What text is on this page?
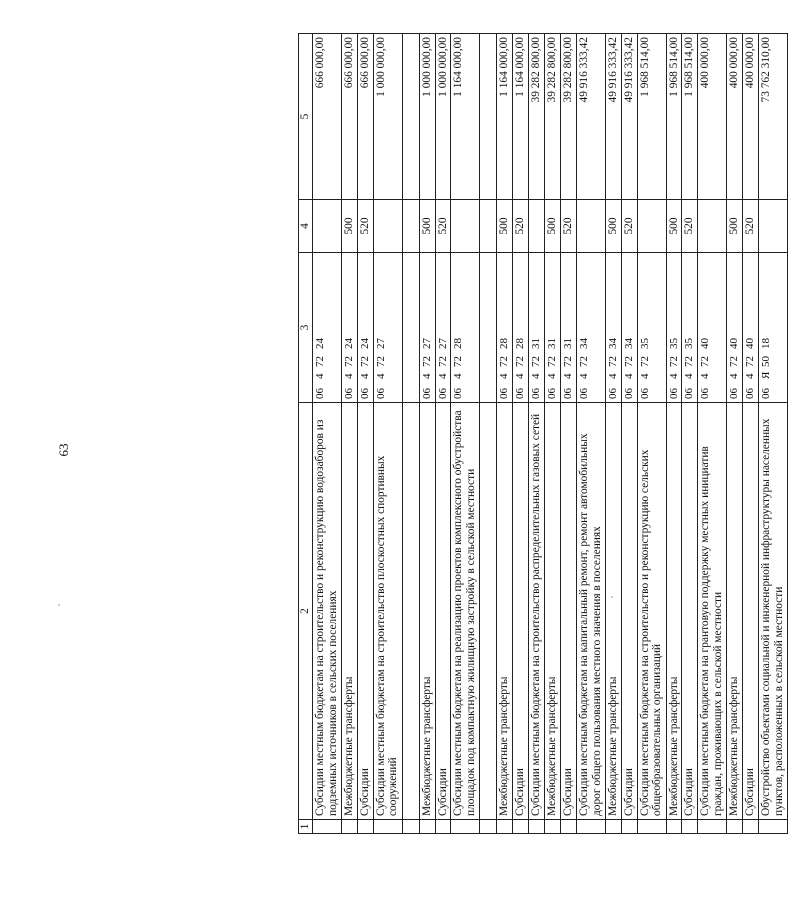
63
1	2	3	4	5
	Субсидии местным бюджетам на строительство и реконструкцию водозаборов из подземных источников в сельских поселениях	0647224		666 000,00
	Межбюджетные трансферты	0647224	500	666 000,00
	Субсидии	0647224	520	666 000,00
	Субсидии местным бюджетам на строительство плоскостных спортивных сооружений	0647227		1 000 000,00

	Межбюджетные трансферты	0647227	500	1 000 000,00
	Субсидии	0647227	520	1 000 000,00
	Субсидии местным бюджетам на реализацию проектов комплексного обустройства площадок под компактную жилищную застройку в сельской местности	0647228		1 164 000,00

	Межбюджетные трансферты	0647228	500	1 164 000,00
	Субсидии	0647228	520	1 164 000,00
	Субсидии местным бюджетам на строительство распределительных газовых сетей	0647231		39 282 800,00
	Межбюджетные трансферты	0647231	500	39 282 800,00
	Субсидии	0647231	520	39 282 800,00
	Субсидии местным бюджетам на капитальный ремонт, ремонт автомобильных дорог общего пользования местного значения в поселениях	0647234		49 916 333,42
	Межбюджетные трансферты	0647234	500	49 916 333,42
	Субсидии	0647234	520	49 916 333,42
	Субсидии местным бюджетам на строительство и реконструкцию сельских общеобразовательных организаций	0647235		1 968 514,00
	Межбюджетные трансферты	0647235	500	1 968 514,00
	Субсидии	0647235	520	1 968 514,00
	Субсидии местным бюджетам на грантовую поддержку местных инициатив граждан, проживающих в сельской местности	0647240		400 000,00
	Межбюджетные трансферты	0647240	500	400 000,00
	Субсидии	0647240	520	400 000,00
	Обустройство объектами социальной и инженерной инфраструктуры населенных пунктов, расположенных в сельской местности	06Я5018		73 762 310,00
